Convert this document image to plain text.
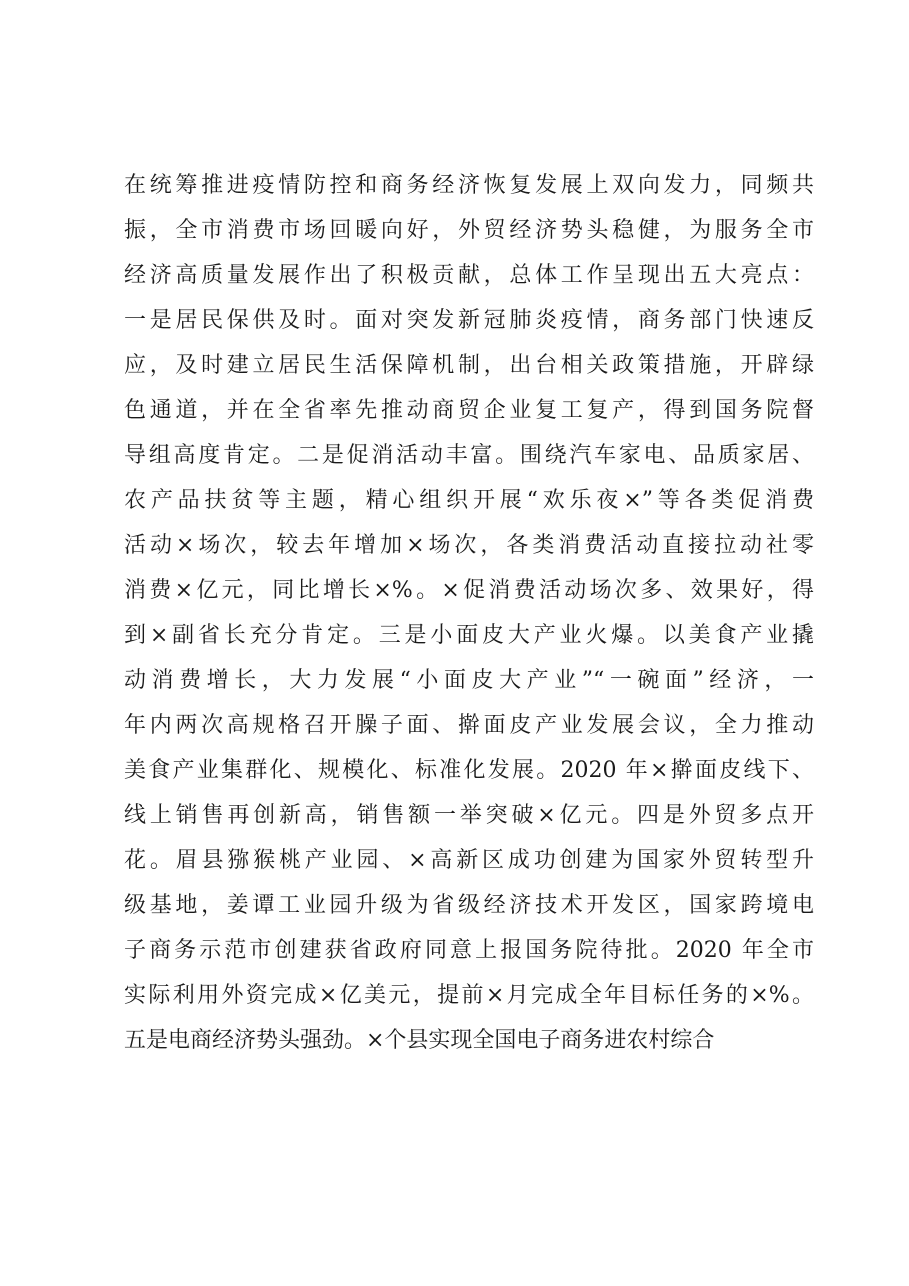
在统筹推进疫情防控和商务经济恢复发展上双向发力，同频共
振，全市消费市场回暖向好，外贸经济势头稳健，为服务全市
经济高质量发展作出了积极贡献，总体工作呈现出五大亮点：
一是居民保供及时。面对突发新冠肺炎疫情，商务部门快速反
应，及时建立居民生活保障机制，出台相关政策措施，开辟绿
色通道，并在全省率先推动商贸企业复工复产，得到国务院督
导组高度肯定。二是促消活动丰富。围绕汽车家电、品质家居、
农产品扶贫等主题，精心组织开展“欢乐夜×”等各类促消费
活动×场次，较去年增加×场次，各类消费活动直接拉动社零
消费×亿元，同比增长×%。×促消费活动场次多、效果好，得
到×副省长充分肯定。三是小面皮大产业火爆。以美食产业撬
动消费增长，大力发展“小面皮大产业”“一碗面”经济，一
年内两次高规格召开臊子面、擀面皮产业发展会议，全力推动
美食产业集群化、规模化、标准化发展。2020 年×擀面皮线下、
线上销售再创新高，销售额一举突破×亿元。四是外贸多点开
花。眉县猕猴桃产业园、×高新区成功创建为国家外贸转型升
级基地，姜谭工业园升级为省级经济技术开发区，国家跨境电
子商务示范市创建获省政府同意上报国务院待批。2020 年全市
实际利用外资完成×亿美元，提前×月完成全年目标任务的×%。
五是电商经济势头强劲。×个县实现全国电子商务进农村综合
